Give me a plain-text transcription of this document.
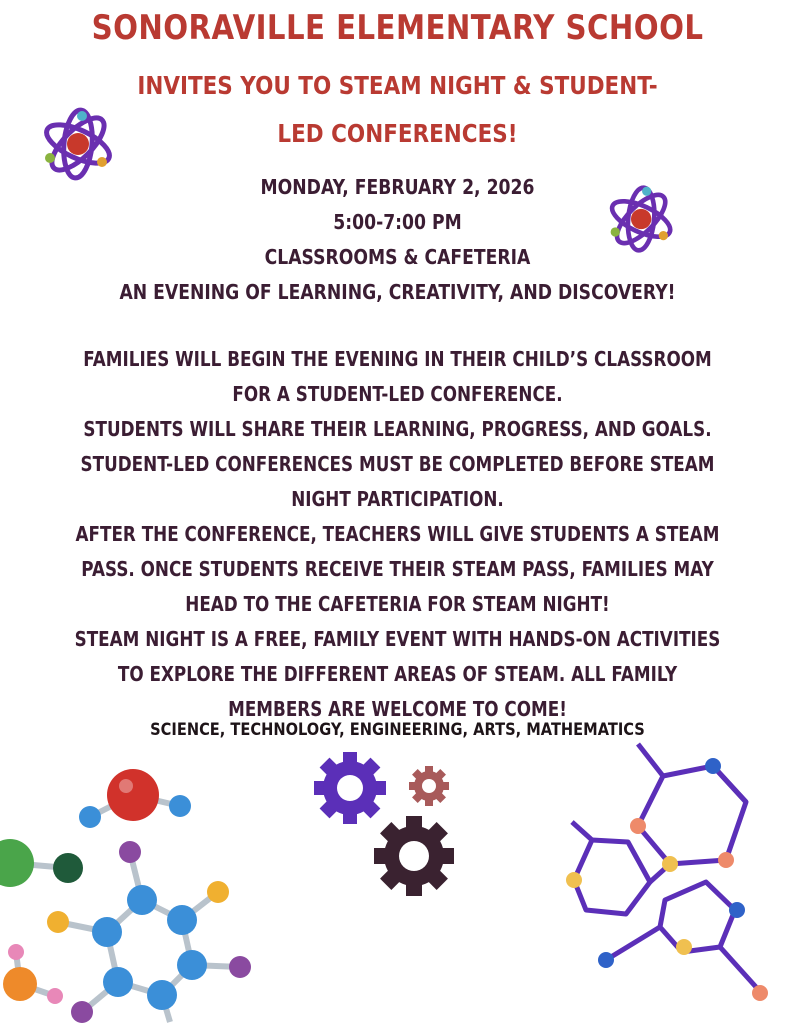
SONORAVILLE ELEMENTARY SCHOOL
INVITES YOU TO STEAM NIGHT & STUDENT-LED CONFERENCES!
MONDAY, FEBRUARY 2, 2026
5:00-7:00 PM
CLASSROOMS & CAFETERIA
AN EVENING OF LEARNING, CREATIVITY, AND DISCOVERY!

FAMILIES WILL BEGIN THE EVENING IN THEIR CHILD’S CLASSROOM FOR A STUDENT-LED CONFERENCE.

STUDENTS WILL SHARE THEIR LEARNING, PROGRESS, AND GOALS.

STUDENT-LED CONFERENCES MUST BE COMPLETED BEFORE STEAM NIGHT PARTICIPATION.

AFTER THE CONFERENCE, TEACHERS WILL GIVE STUDENTS A STEAM PASS. ONCE STUDENTS RECEIVE THEIR STEAM PASS, FAMILIES MAY HEAD TO THE CAFETERIA FOR STEAM NIGHT!

STEAM NIGHT IS A FREE, FAMILY EVENT WITH HANDS-ON ACTIVITIES TO EXPLORE THE DIFFERENT AREAS OF STEAM. ALL FAMILY MEMBERS ARE WELCOME TO COME!

SCIENCE, TECHNOLOGY, ENGINEERING, ARTS, MATHEMATICS
